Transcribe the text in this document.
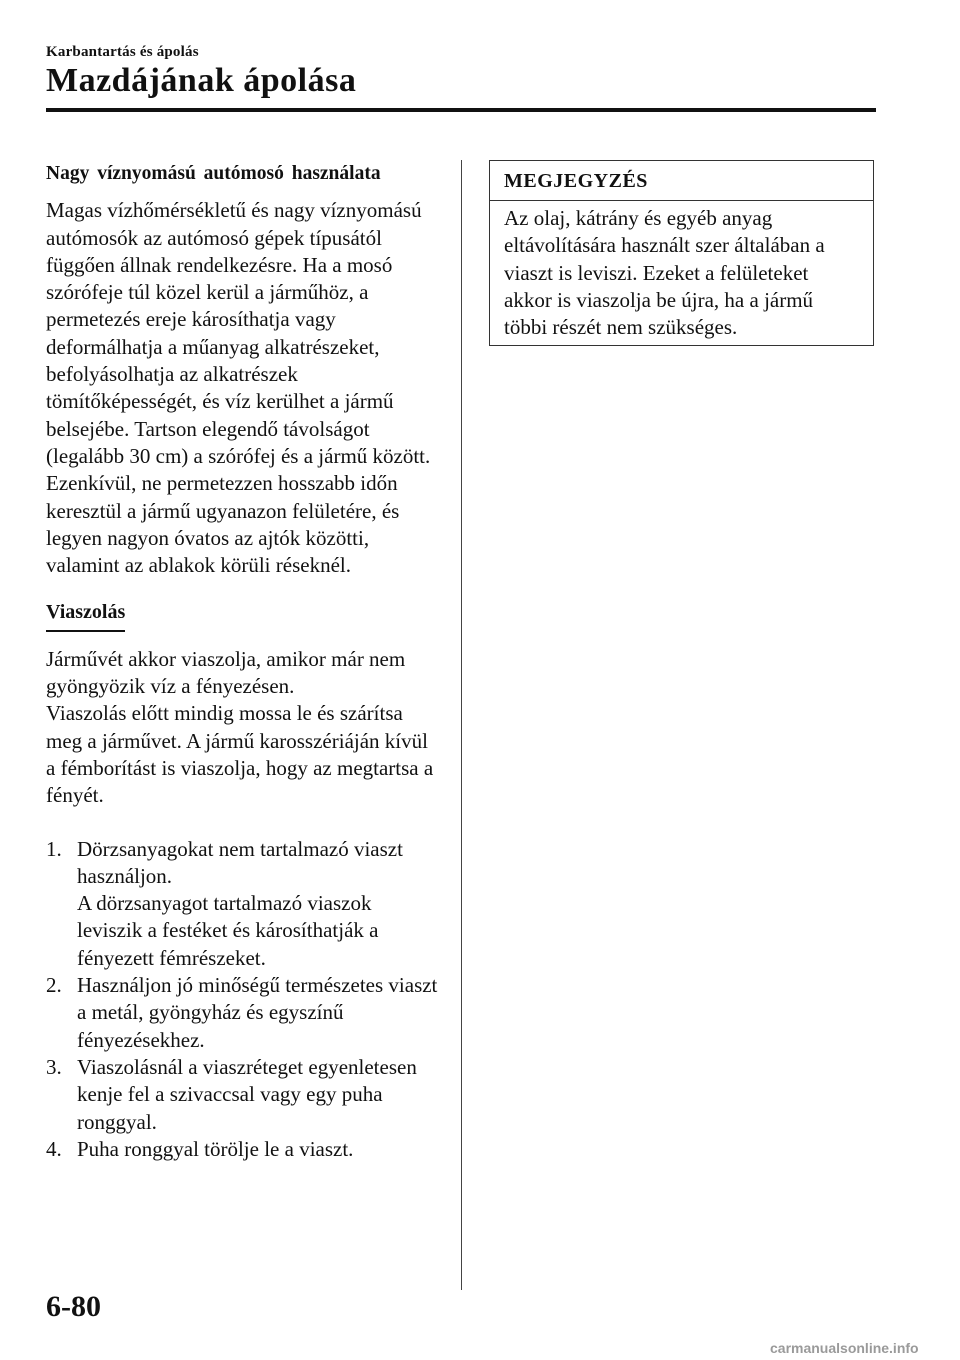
Karbantartás és ápolás
Mazdájának ápolása

Nagy víznyomású autómosó használata

Magas vízhőmérsékletű és nagy víznyomású autómosók az autómosó gépek típusától függően állnak rendelkezésre. Ha a mosó szórófeje túl közel kerül a járműhöz, a permetezés ereje károsíthatja vagy deformálhatja a műanyag alkatrészeket, befolyásolhatja az alkatrészek tömítőképességét, és víz kerülhet a jármű belsejébe. Tartson elegendő távolságot (legalább 30 cm) a szórófej és a jármű között. Ezenkívül, ne permetezzen hosszabb időn keresztül a jármű ugyanazon felületére, és legyen nagyon óvatos az ajtók közötti, valamint az ablakok körüli réseknél.

Viaszolás

Járművét akkor viaszolja, amikor már nem gyöngyözik víz a fényezésen.

Viaszolás előtt mindig mossa le és szárítsa meg a járművet. A jármű karosszériáján kívül a fémborítást is viaszolja, hogy az megtartsa a fényét.

1. Dörzsanyagokat nem tartalmazó viaszt használjon.
A dörzsanyagot tartalmazó viaszok leviszik a festéket és károsíthatják a fényezett fémrészeket.
2. Használjon jó minőségű természetes viaszt a metál, gyöngyház és egyszínű fényezésekhez.
3. Viaszolásnál a viaszréteget egyenletesen kenje fel a szivaccsal vagy egy puha ronggyal.
4. Puha ronggyal törölje le a viaszt.
MEGJEGYZÉS
Az olaj, kátrány és egyéb anyag eltávolítására használt szer általában a viaszt is leviszi. Ezeket a felületeket akkor is viaszolja be újra, ha a jármű többi részét nem szükséges.
6-80
carmanualsonline.info
